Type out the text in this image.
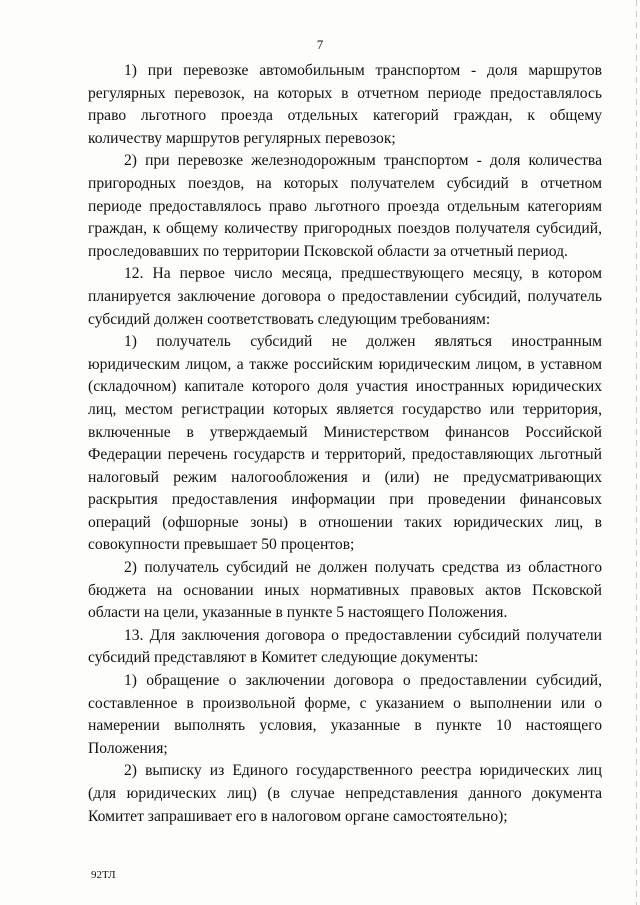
7

1) при перевозке автомобильным транспортом - доля маршрутов регулярных перевозок, на которых в отчетном периоде предоставлялось право льготного проезда отдельных категорий граждан, к общему количеству маршрутов регулярных перевозок;

2) при перевозке железнодорожным транспортом - доля количества пригородных поездов, на которых получателем субсидий в отчетном периоде предоставлялось право льготного проезда отдельным категориям граждан, к общему количеству пригородных поездов получателя субсидий, проследовавших по территории Псковской области за отчетный период.

12. На первое число месяца, предшествующего месяцу, в котором планируется заключение договора о предоставлении субсидий, получатель субсидий должен соответствовать следующим требованиям:

1) получатель субсидий не должен являться иностранным юридическим лицом, а также российским юридическим лицом, в уставном (складочном) капитале которого доля участия иностранных юридических лиц, местом регистрации которых является государство или территория, включенные в утверждаемый Министерством финансов Российской Федерации перечень государств и территорий, предоставляющих льготный налоговый режим налогообложения и (или) не предусматривающих раскрытия предоставления информации при проведении финансовых операций (офшорные зоны) в отношении таких юридических лиц, в совокупности превышает 50 процентов;

2) получатель субсидий не должен получать средства из областного бюджета на основании иных нормативных правовых актов Псковской области на цели, указанные в пункте 5 настоящего Положения.

13. Для заключения договора о предоставлении субсидий получатели субсидий представляют в Комитет следующие документы:

1) обращение о заключении договора о предоставлении субсидий, составленное в произвольной форме, с указанием о выполнении или о намерении выполнять условия, указанные в пункте 10 настоящего Положения;

2) выписку из Единого государственного реестра юридических лиц (для юридических лиц) (в случае непредставления данного документа Комитет запрашивает его в налоговом органе самостоятельно);

92ТЛ
